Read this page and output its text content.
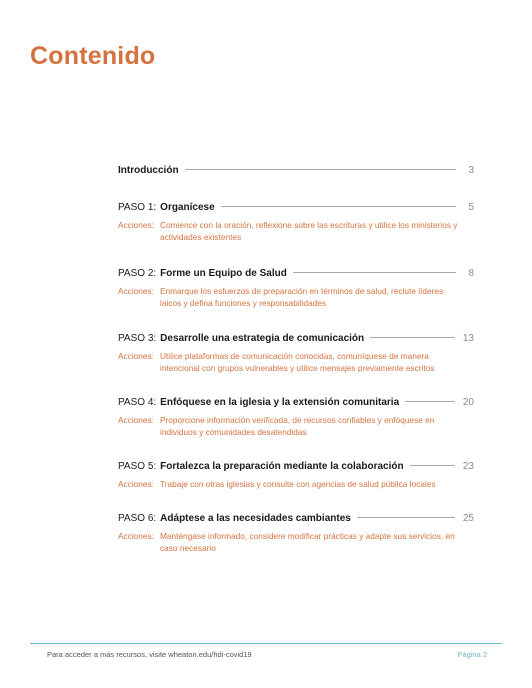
Contenido
Introducción	3
PASO 1: Organícese	5
Acciones: Comience con la oración, reflexione sobre las escrituras y utilice los ministerios y actividades existentes
PASO 2: Forme un Equipo de Salud	8
Acciones: Enmarque los esfuerzos de preparación en términos de salud, reclute líderes laicos y defina funciones y responsabilidades
PASO 3: Desarrolle una estrategia de comunicación	13
Acciones: Utilice plataformas de comunicación conocidas, comuníquese de manera intencional con grupos vulnerables y utilice mensajes previamente escritos
PASO 4: Enfóquese en la iglesia y la extensión comunitaria	20
Acciones: Proporcione información verificada, de recursos confiables y enfóquese en individuos y comunidades desatendidas
PASO 5: Fortalezca la preparación mediante la colaboración	23
Acciones: Trabaje con otras iglesias y consulte con agencias de salud pública locales
PASO 6: Adáptese a las necesidades cambiantes	25
Acciones: Manténgase informado, considere modificar prácticas y adapte sus servicios, en caso necesario
Para acceder a más recursos, visite wheaton.edu/hdi-covid19	Página 2
